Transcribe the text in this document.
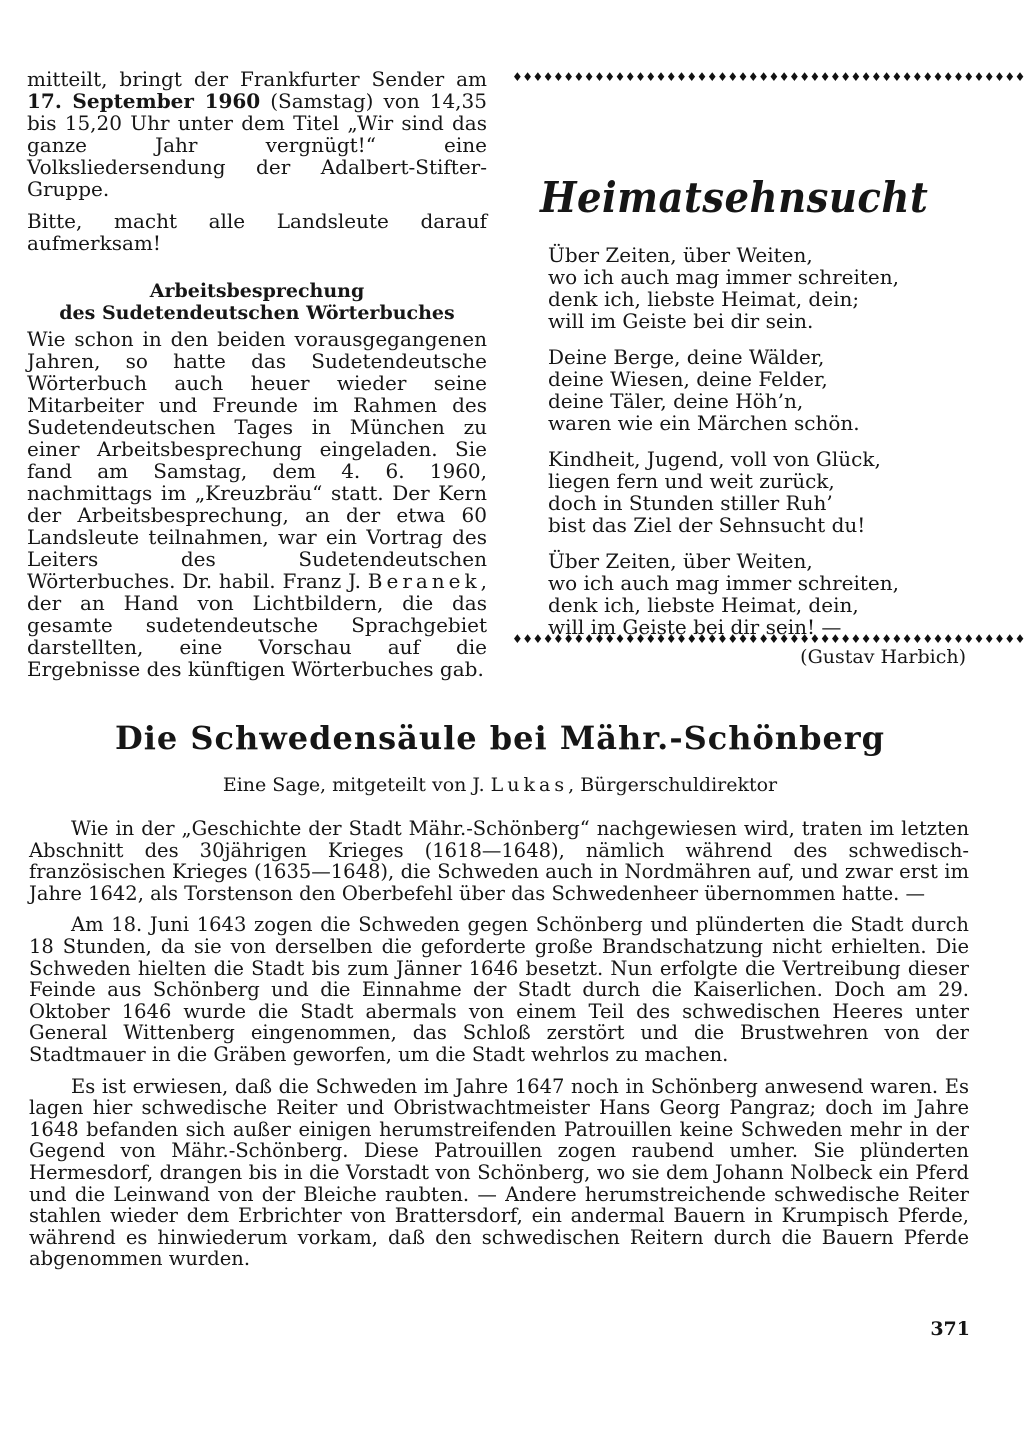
mitteilt, bringt der Frankfurter Sender am 17. September 1960 (Samstag) von 14,35 bis 15,20 Uhr unter dem Titel „Wir sind das ganze Jahr vergnügt!“ eine Volksliedersendung der Adalbert-Stifter-Gruppe.

Bitte, macht alle Landsleute darauf aufmerksam!

Arbeitsbesprechung
des Sudetendeutschen Wörterbuches

Wie schon in den beiden vorausgegangenen Jahren, so hatte das Sudetendeutsche Wörterbuch auch heuer wieder seine Mitarbeiter und Freunde im Rahmen des Sudetendeutschen Tages in München zu einer Arbeitsbesprechung eingeladen. Sie fand am Samstag, dem 4. 6. 1960, nachmittags im „Kreuzbräu“ statt. Der Kern der Arbeitsbesprechung, an der etwa 60 Landsleute teilnahmen, war ein Vortrag des Leiters des Sudetendeutschen Wörterbuches. Dr. habil. Franz J. Beranek, der an Hand von Lichtbildern, die das gesamte sudetendeutsche Sprachgebiet darstellten, eine Vorschau auf die Ergebnisse des künftigen Wörterbuches gab.

♦♦♦♦♦♦♦♦♦♦♦♦♦♦♦♦♦♦♦♦♦♦♦♦♦♦♦♦♦♦♦♦♦♦♦♦♦♦♦♦♦♦♦♦♦♦♦♦♦♦
Heimatsehnsucht
Über Zeiten, über Weiten,
wo ich auch mag immer schreiten,
denk ich, liebste Heimat, dein;
will im Geiste bei dir sein.
Deine Berge, deine Wälder,
deine Wiesen, deine Felder,
deine Täler, deine Höh’n,
waren wie ein Märchen schön.
Kindheit, Jugend, voll von Glück,
liegen fern und weit zurück,
doch in Stunden stiller Ruh’
bist das Ziel der Sehnsucht du!
Über Zeiten, über Weiten,
wo ich auch mag immer schreiten,
denk ich, liebste Heimat, dein,
will im Geiste bei dir sein! —
(Gustav Harbich)
♦♦♦♦♦♦♦♦♦♦♦♦♦♦♦♦♦♦♦♦♦♦♦♦♦♦♦♦♦♦♦♦♦♦♦♦♦♦♦♦♦♦♦♦♦♦♦♦♦♦
Die Schwedensäule bei Mähr.-Schönberg
Eine Sage, mitgeteilt von J. Lukas, Bürgerschuldirektor

Wie in der „Geschichte der Stadt Mähr.-Schönberg“ nachgewiesen wird, traten im letzten Abschnitt des 30jährigen Krieges (1618—1648), nämlich während des schwedisch-französischen Krieges (1635—1648), die Schweden auch in Nordmähren auf, und zwar erst im Jahre 1642, als Torstenson den Oberbefehl über das Schwedenheer übernommen hatte. —

Am 18. Juni 1643 zogen die Schweden gegen Schönberg und plünderten die Stadt durch 18 Stunden, da sie von derselben die geforderte große Brandschatzung nicht erhielten. Die Schweden hielten die Stadt bis zum Jänner 1646 besetzt. Nun erfolgte die Vertreibung dieser Feinde aus Schönberg und die Einnahme der Stadt durch die Kaiserlichen. Doch am 29. Oktober 1646 wurde die Stadt abermals von einem Teil des schwedischen Heeres unter General Wittenberg eingenommen, das Schloß zerstört und die Brustwehren von der Stadtmauer in die Gräben geworfen, um die Stadt wehrlos zu machen.

Es ist erwiesen, daß die Schweden im Jahre 1647 noch in Schönberg anwesend waren. Es lagen hier schwedische Reiter und Obristwachtmeister Hans Georg Pangraz; doch im Jahre 1648 befanden sich außer einigen herumstreifenden Patrouillen keine Schweden mehr in der Gegend von Mähr.-Schönberg. Diese Patrouillen zogen raubend umher. Sie plünderten Hermesdorf, drangen bis in die Vorstadt von Schönberg, wo sie dem Johann Nolbeck ein Pferd und die Leinwand von der Bleiche raubten. — Andere herumstreichende schwedische Reiter stahlen wieder dem Erbrichter von Brattersdorf, ein andermal Bauern in Krumpisch Pferde, während es hinwiederum vorkam, daß den schwedischen Reitern durch die Bauern Pferde abgenommen wurden.

371
